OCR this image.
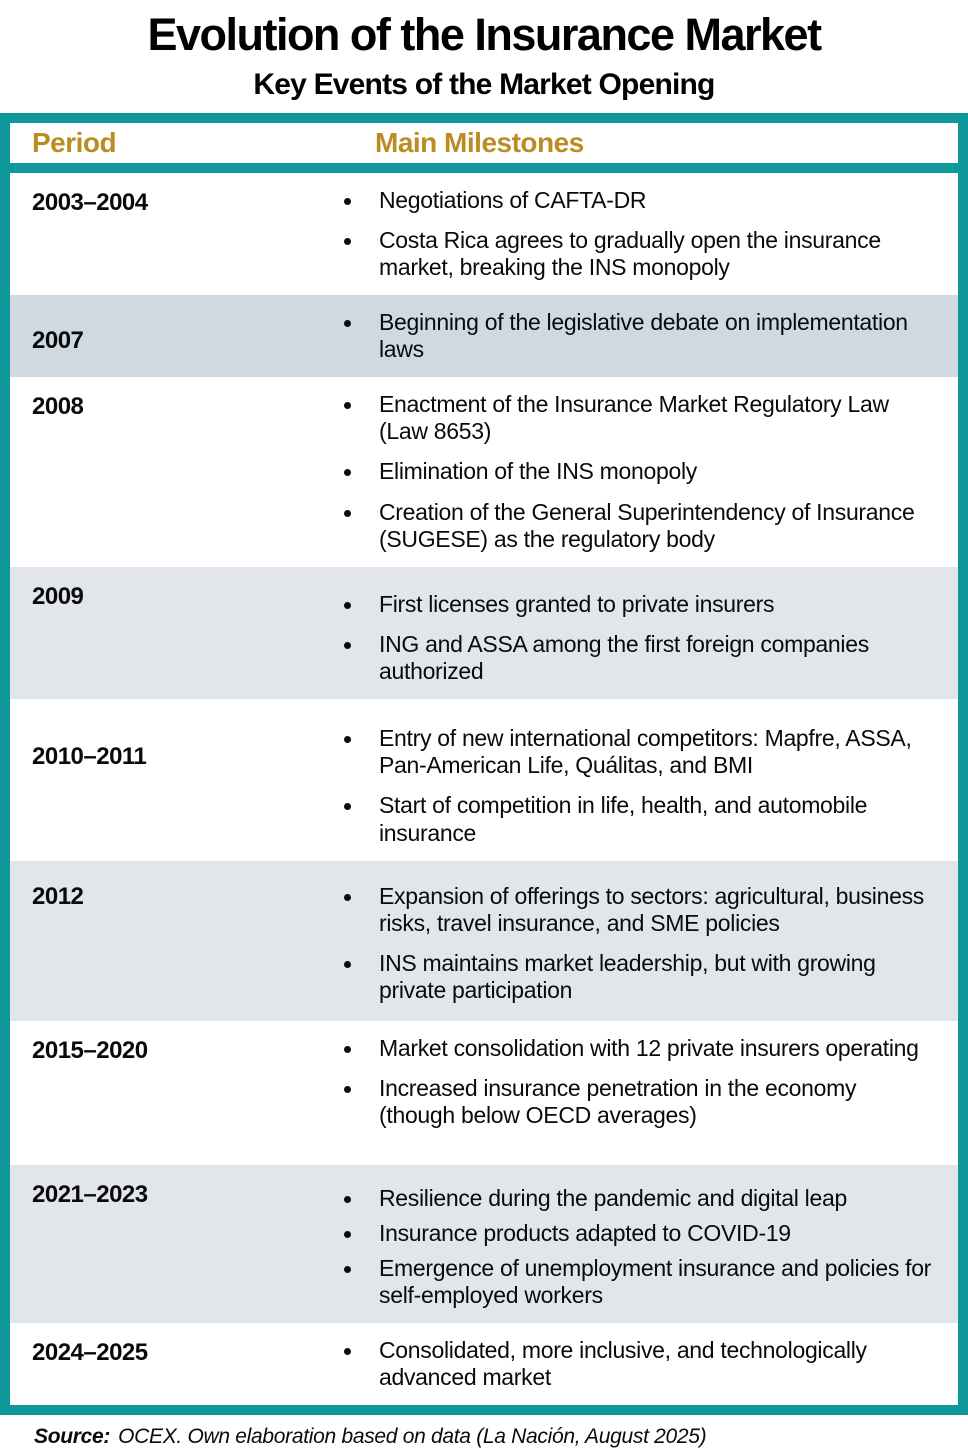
Evolution of the Insurance Market
Key Events of the Market Opening
Period	Main Milestones
2003–2004	Negotiations of CAFTA-DR
Costa Rica agrees to gradually open the insurance market, breaking the INS monopoly
2007
Beginning of the legislative debate on implementation laws
2008	Enactment of the Insurance Market Regulatory Law (Law 8653)
Elimination of the INS monopoly
Creation of the General Superintendency of Insurance (SUGESE) as the regulatory body
2009	First licenses granted to private insurers
ING and ASSA among the first foreign companies authorized
2010–2011
Entry of new international competitors: Mapfre, ASSA, Pan-American Life, Quálitas, and BMI
Start of competition in life, health, and automobile insurance
2012	Expansion of offerings to sectors: agricultural, business risks, travel insurance, and SME policies
INS maintains market leadership, but with growing private participation
2015–2020	Market consolidation with 12 private insurers operating
Increased insurance penetration in the economy (though below OECD averages)
2021–2023	Resilience during the pandemic and digital leap
Insurance products adapted to COVID-19
Emergence of unemployment insurance and policies for self-employed workers
2024–2025	Consolidated, more inclusive, and technologically advanced market
Source: OCEX. Own elaboration based on data (La Nación, August 2025)
